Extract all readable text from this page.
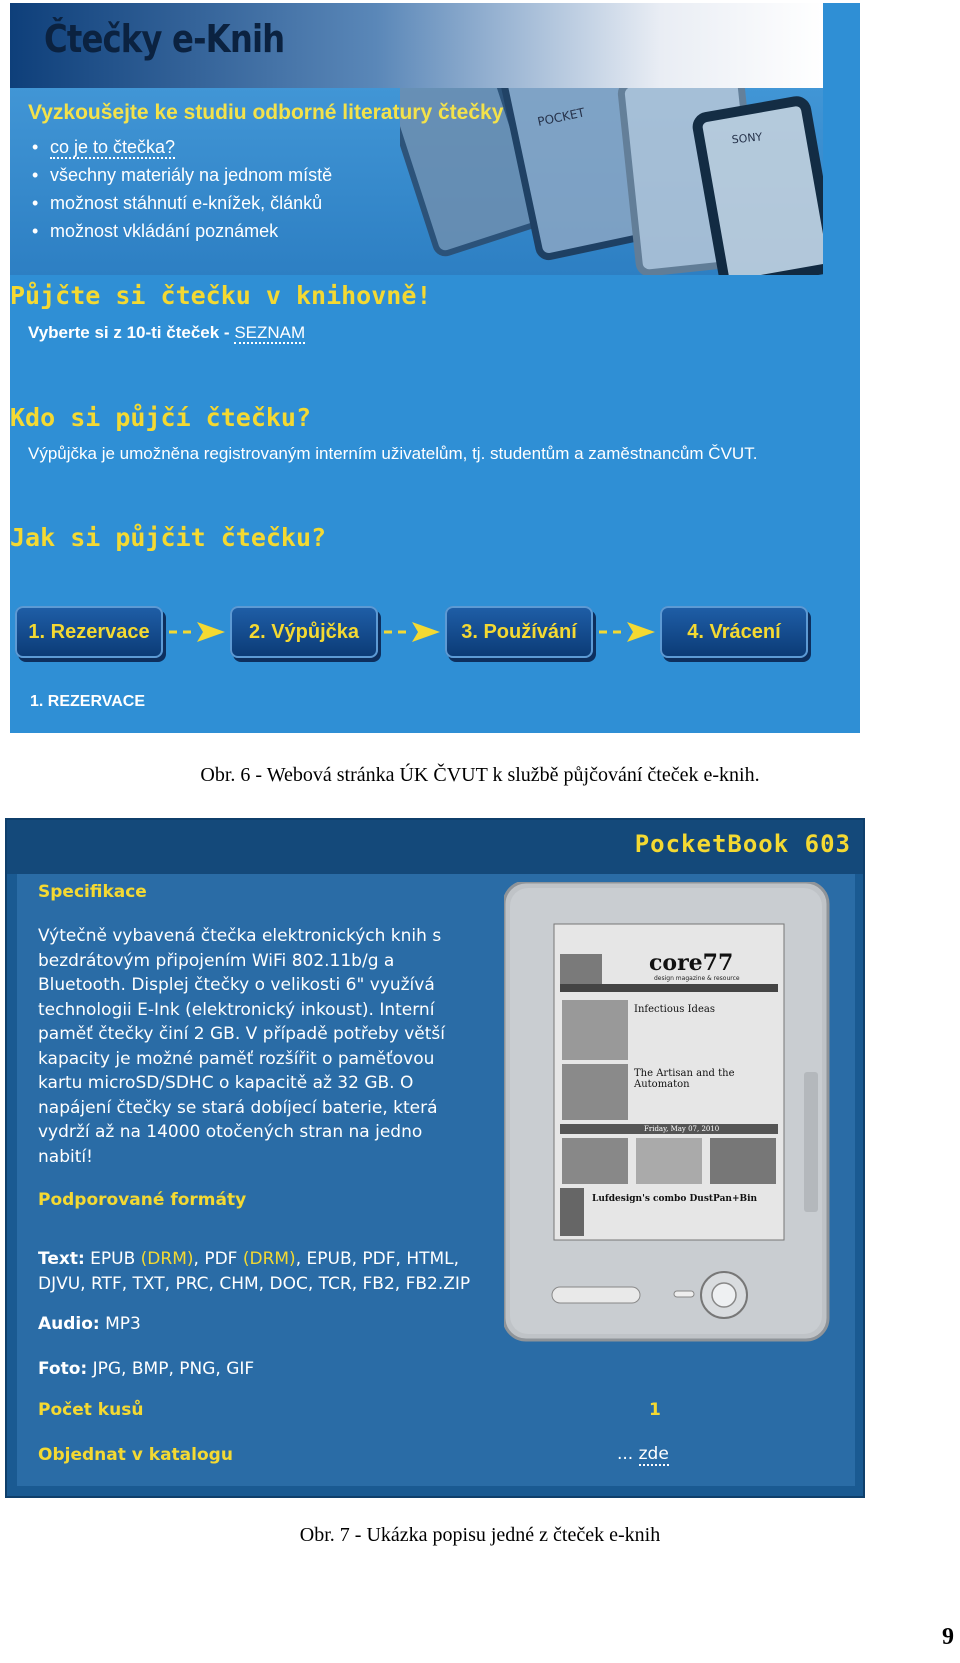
POCKET
SONY
Čtečky e-Knih
Vyzkoušejte ke studiu odborné literatury čtečky
• co je to čtečka?
• všechny materiály na jednom místě
• možnost stáhnutí e-knížek, článků
• možnost vkládání poznámek
Půjčte si čtečku v knihovně!
Vyberte si z 10-ti čteček - SEZNAM
Kdo si půjčí čtečku?
Výpůjčka je umožněna registrovaným interním uživatelům, tj. studentům a zaměstnancům ČVUT.
Jak si půjčit čtečku?
1. Rezervace	2. Výpůjčka	3. Používání	4. Vrácení
1. REZERVACE
Obr. 6 - Webová stránka ÚK ČVUT k službě půjčování čteček e-knih.
PocketBook 603
Specifikace
Výtečně vybavená čtečka elektronických knih s
bezdrátovým připojením WiFi 802.11b/g a
Bluetooth. Displej čtečky o velikosti 6" využívá
technologii E-Ink (elektronický inkoust). Interní
paměť čtečky činí 2 GB. V případě potřeby větší
kapacity je možné paměť rozšířit o paměťovou
kartu microSD/SDHC o kapacitě až 32 GB. O
napájení čtečky se stará dobíjecí baterie, která
vydrží až na 14000 otočených stran na jedno
nabití!
Podporované formáty
Text: EPUB (DRM), PDF (DRM), EPUB, PDF, HTML,
DJVU, RTF, TXT, PRC, CHM, DOC, TCR, FB2, FB2.ZIP
Audio: MP3
Foto: JPG, BMP, PNG, GIF
Počet kusů	1
Objednat v katalogu	... zde
core77
design magazine & resource
Infectious Ideas
The Artisan and the Automaton
Friday, May 07, 2010
Lufdesign's combo DustPan+Bin
Obr. 7 - Ukázka popisu jedné z čteček e-knih
9
